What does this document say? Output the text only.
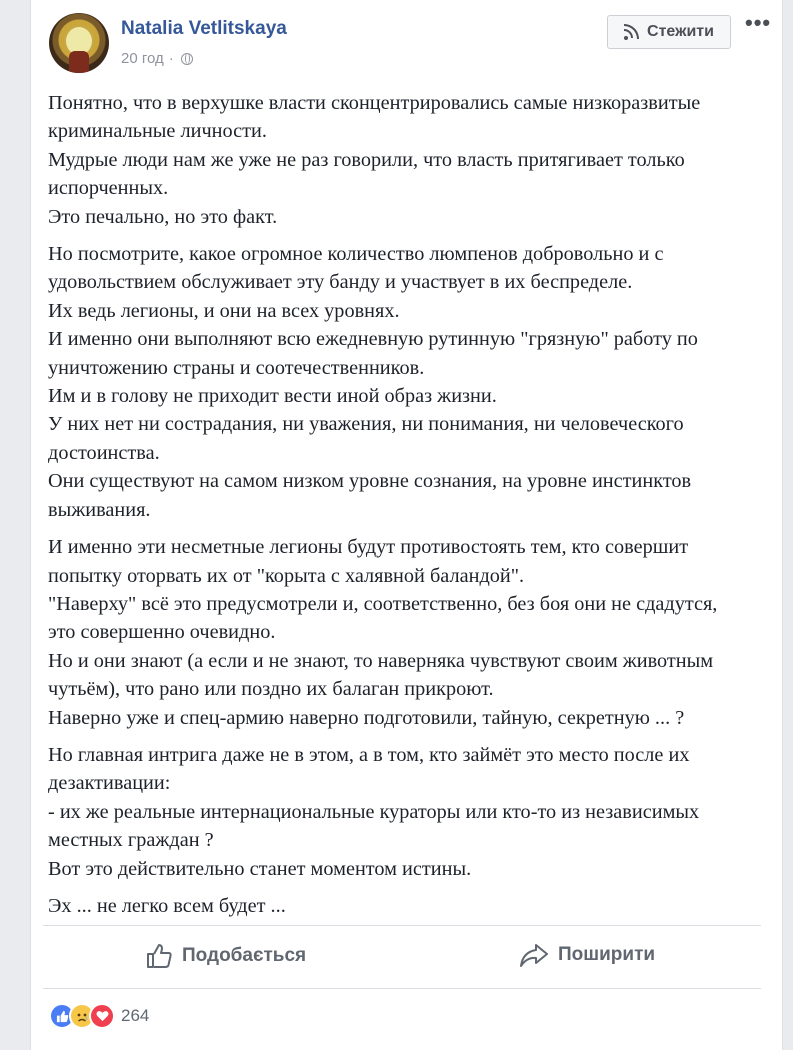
Natalia Vetlitskaya
20 год ·
Стежити •••

Понятно, что в верхушке власти сконцентрировались самые низкоразвитые
криминальные личности.
Мудрые люди нам же уже не раз говорили, что власть притягивает только
испорченных.
Это печально, но это факт.

Но посмотрите, какое огромное количество люмпенов добровольно и с
удовольствием обслуживает эту банду и участвует в их беспределе.
Их ведь легионы, и они на всех уровнях.
И именно они выполняют всю ежедневную рутинную "грязную" работу по
уничтожению страны и соотечественников.
Им и в голову не приходит вести иной образ жизни.
У них нет ни сострадания, ни уважения, ни понимания, ни человеческого
достоинства.
Они существуют на самом низком уровне сознания, на уровне инстинктов
выживания.

И именно эти несметные легионы будут противостоять тем, кто совершит
попытку оторвать их от "корыта с халявной баландой".
"Наверху" всё это предусмотрели и, соответственно, без боя они не сдадутся,
это совершенно очевидно.
Но и они знают (а если и не знают, то наверняка чувствуют своим животным
чутьём), что рано или поздно их балаган прикроют.
Наверно уже и спец-армию наверно подготовили, тайную, секретную ... ?

Но главная интрига даже не в этом, а в том, кто займёт это место после их
дезактивации:
- их же реальные интернациональные кураторы или кто-то из независимых
местных граждан ?
Вот это действительно станет моментом истины.

Эх ... не легко всем будет ...

Подобається	Поширити
264
